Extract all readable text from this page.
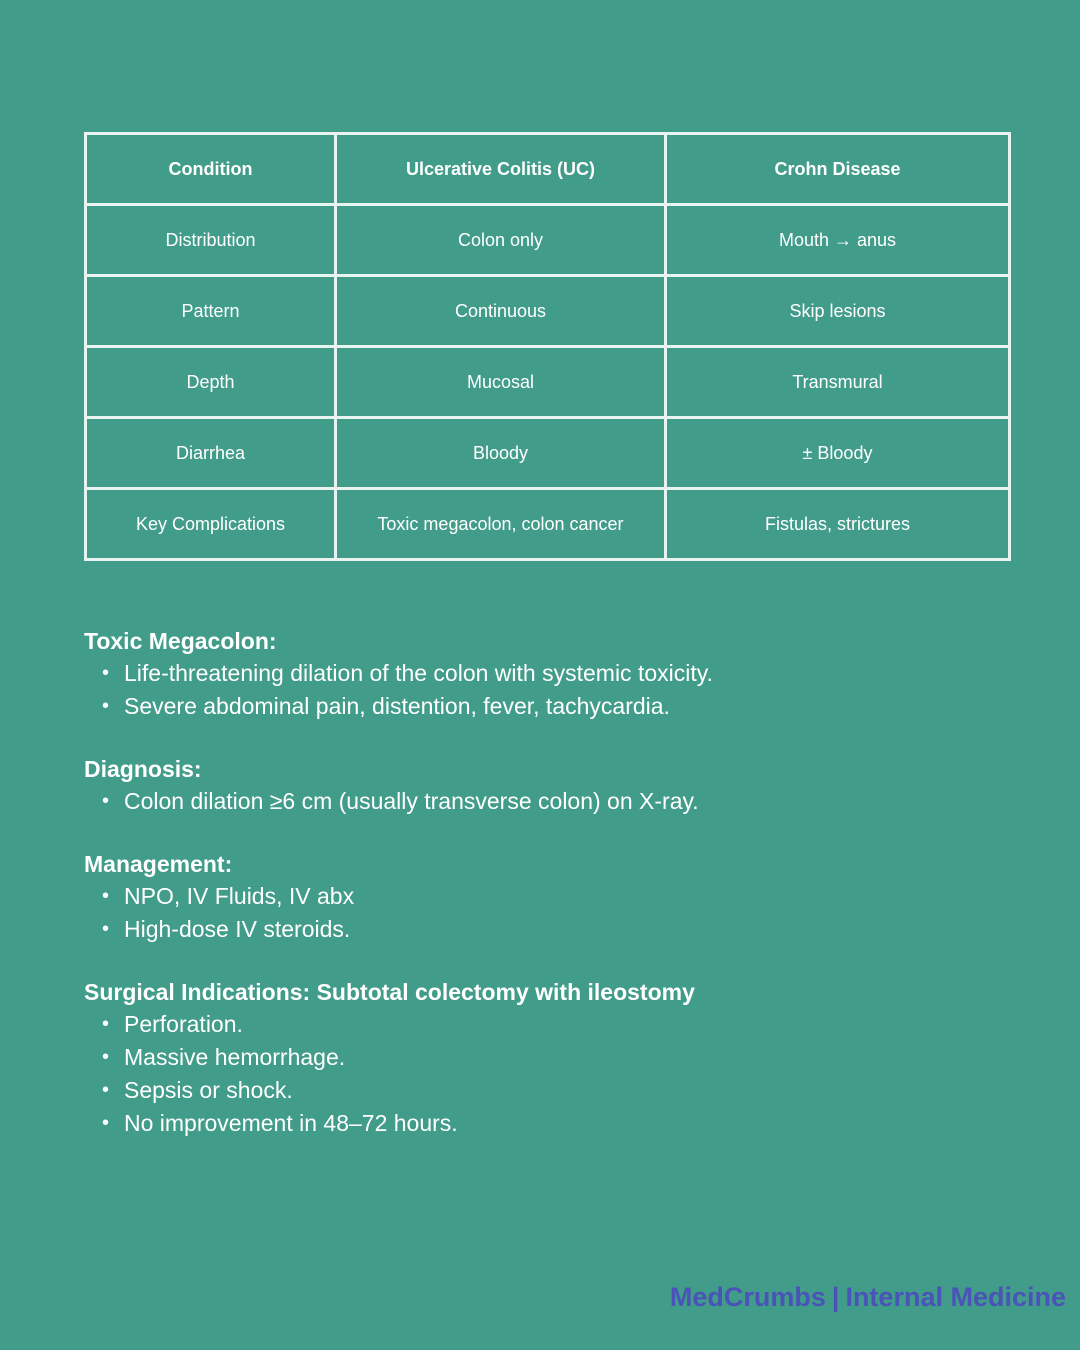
Condition	Ulcerative Colitis (UC)	Crohn Disease
Distribution	Colon only	Mouth → anus
Pattern	Continuous	Skip lesions
Depth	Mucosal	Transmural
Diarrhea	Bloody	± Bloody
Key Complications	Toxic megacolon, colon cancer	Fistulas, strictures
Toxic Megacolon:
• Life-threatening dilation of the colon with systemic toxicity.
• Severe abdominal pain, distention, fever, tachycardia.
Diagnosis:
• Colon dilation ≥6 cm (usually transverse colon) on X-ray.
Management:
• NPO, IV Fluids, IV abx
• High-dose IV steroids.
Surgical Indications: Subtotal colectomy with ileostomy
• Perforation.
• Massive hemorrhage.
• Sepsis or shock.
• No improvement in 48–72 hours.
MedCrumbs | Internal Medicine
